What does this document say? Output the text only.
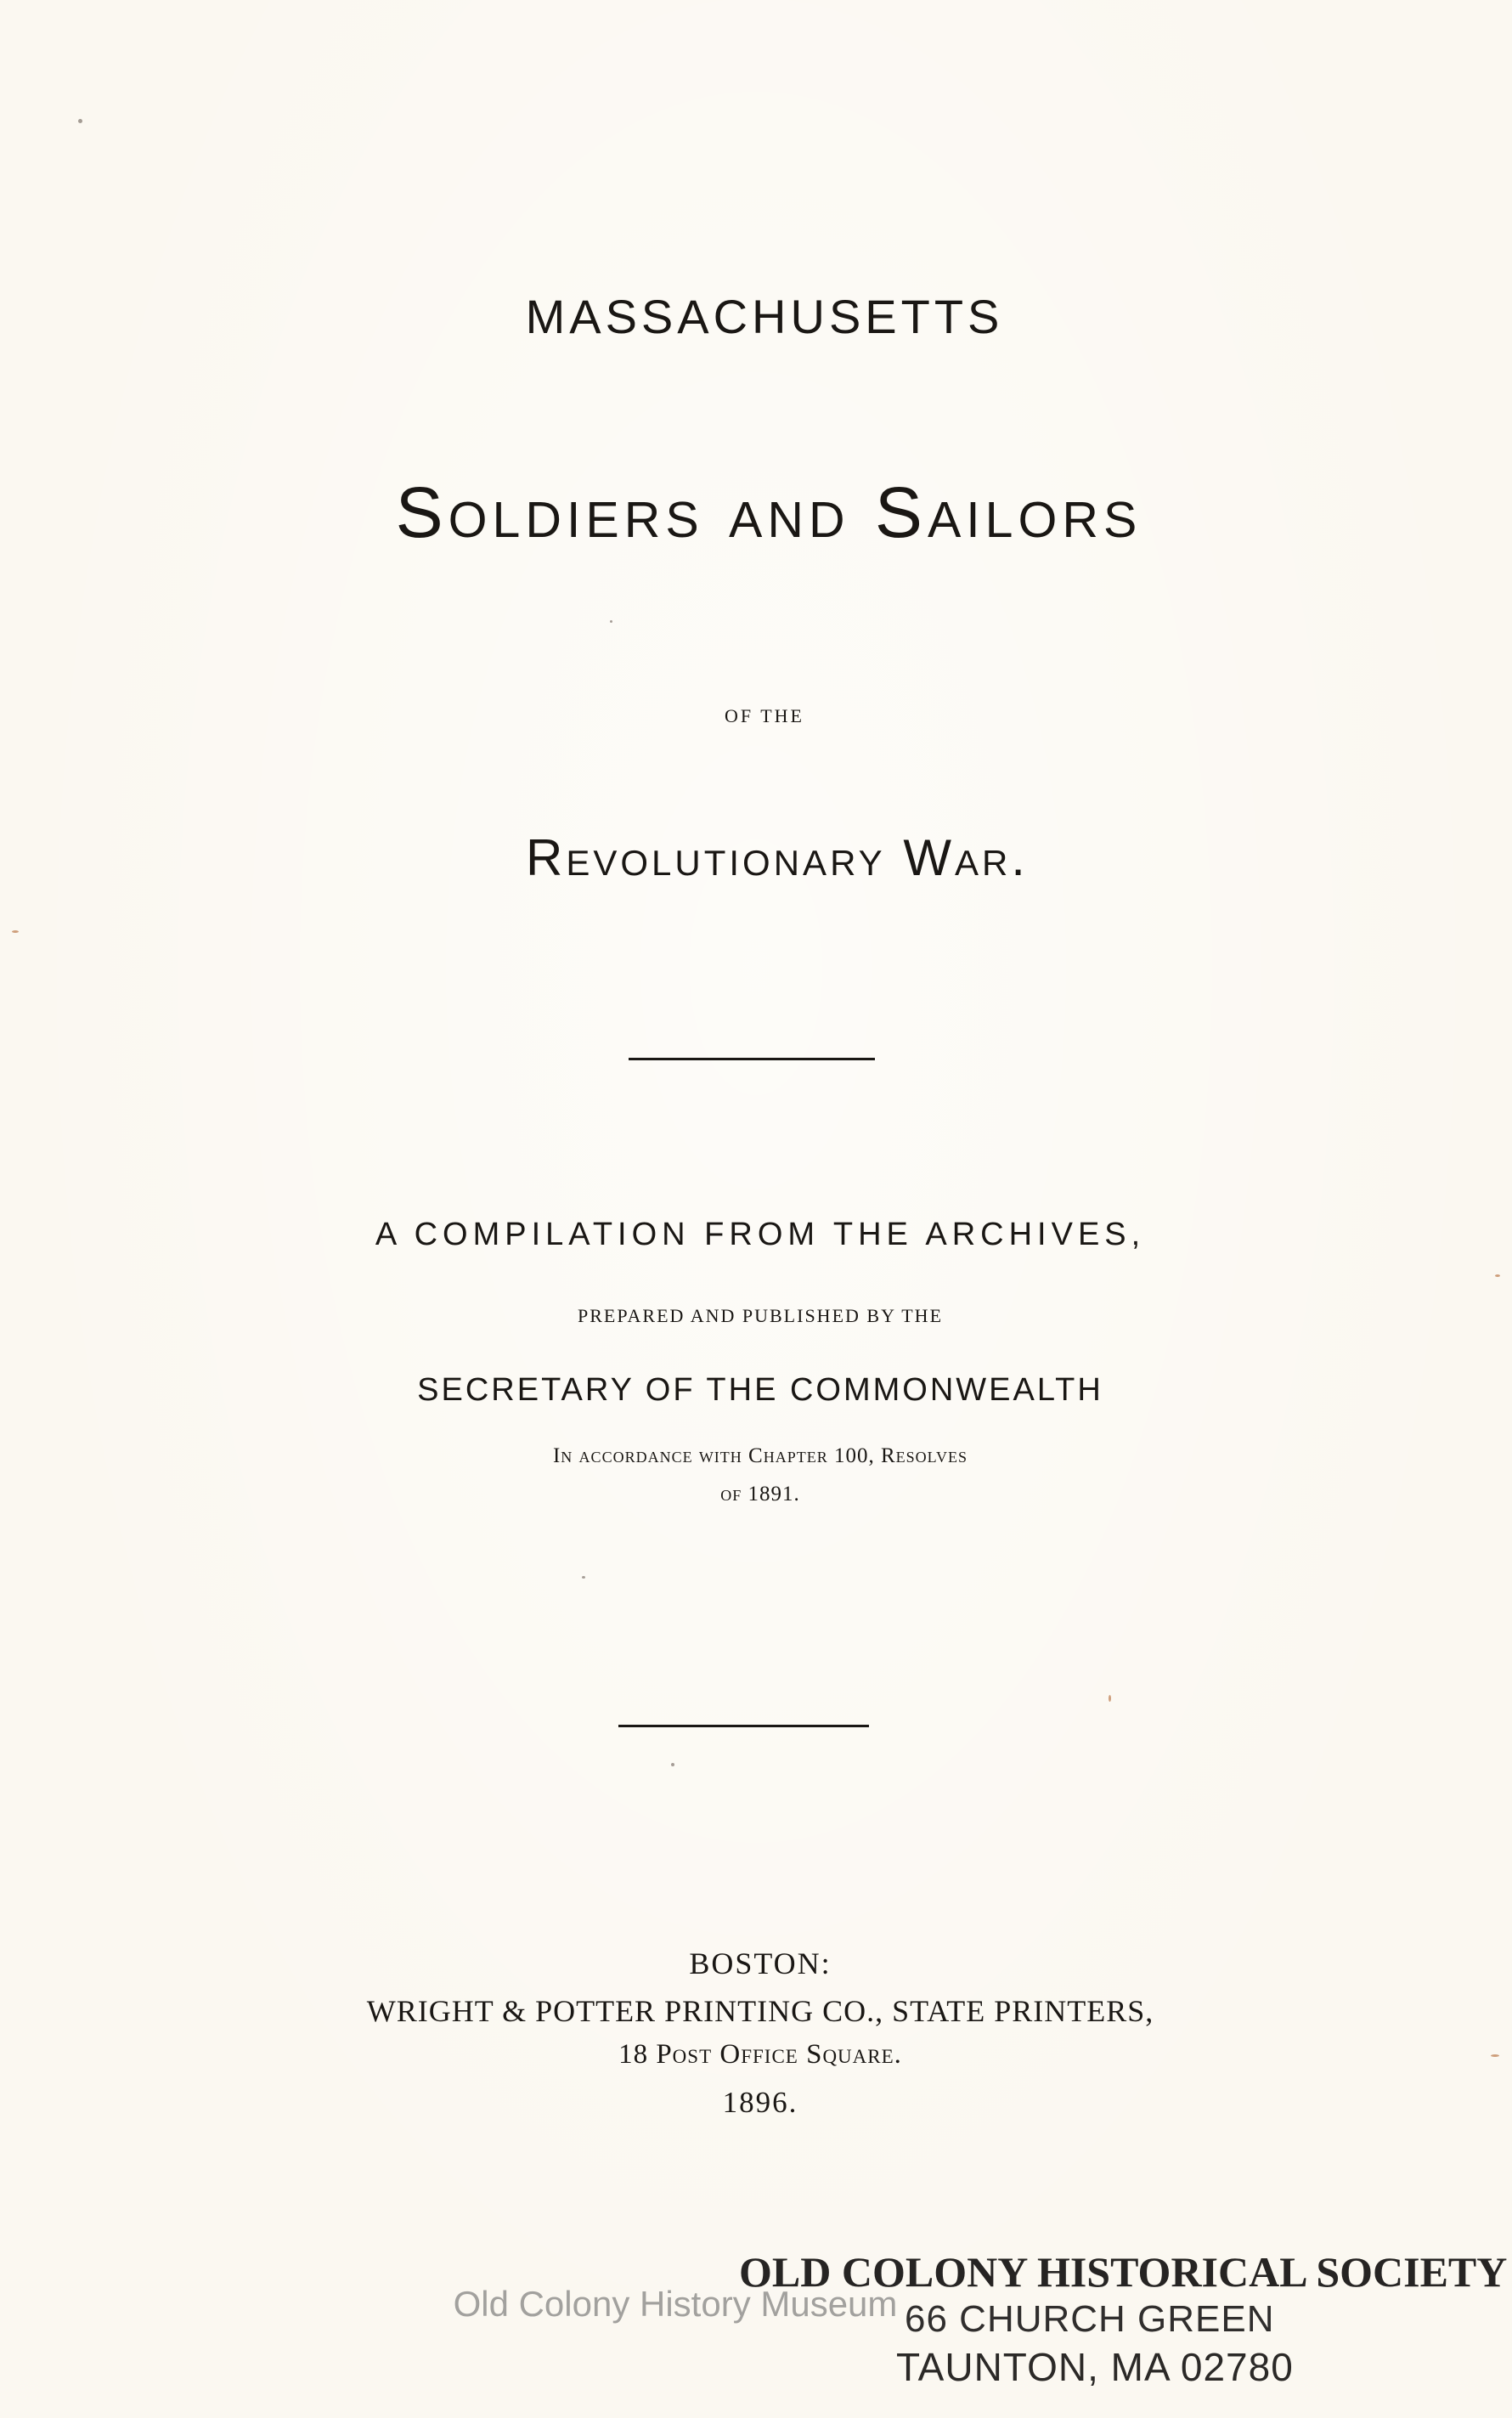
MASSACHUSETTS
Soldiers and Sailors
OF THE
Revolutionary War.
A COMPILATION FROM THE ARCHIVES,
PREPARED AND PUBLISHED BY THE
SECRETARY OF THE COMMONWEALTH
In accordance with Chapter 100, Resolves
of 1891.
BOSTON:
WRIGHT & POTTER PRINTING CO., STATE PRINTERS,
18 Post Office Square.
1896.
OLD COLONY HISTORICAL SOCIETY
66 CHURCH GREEN
TAUNTON, MA 02780
Old Colony History Museum
